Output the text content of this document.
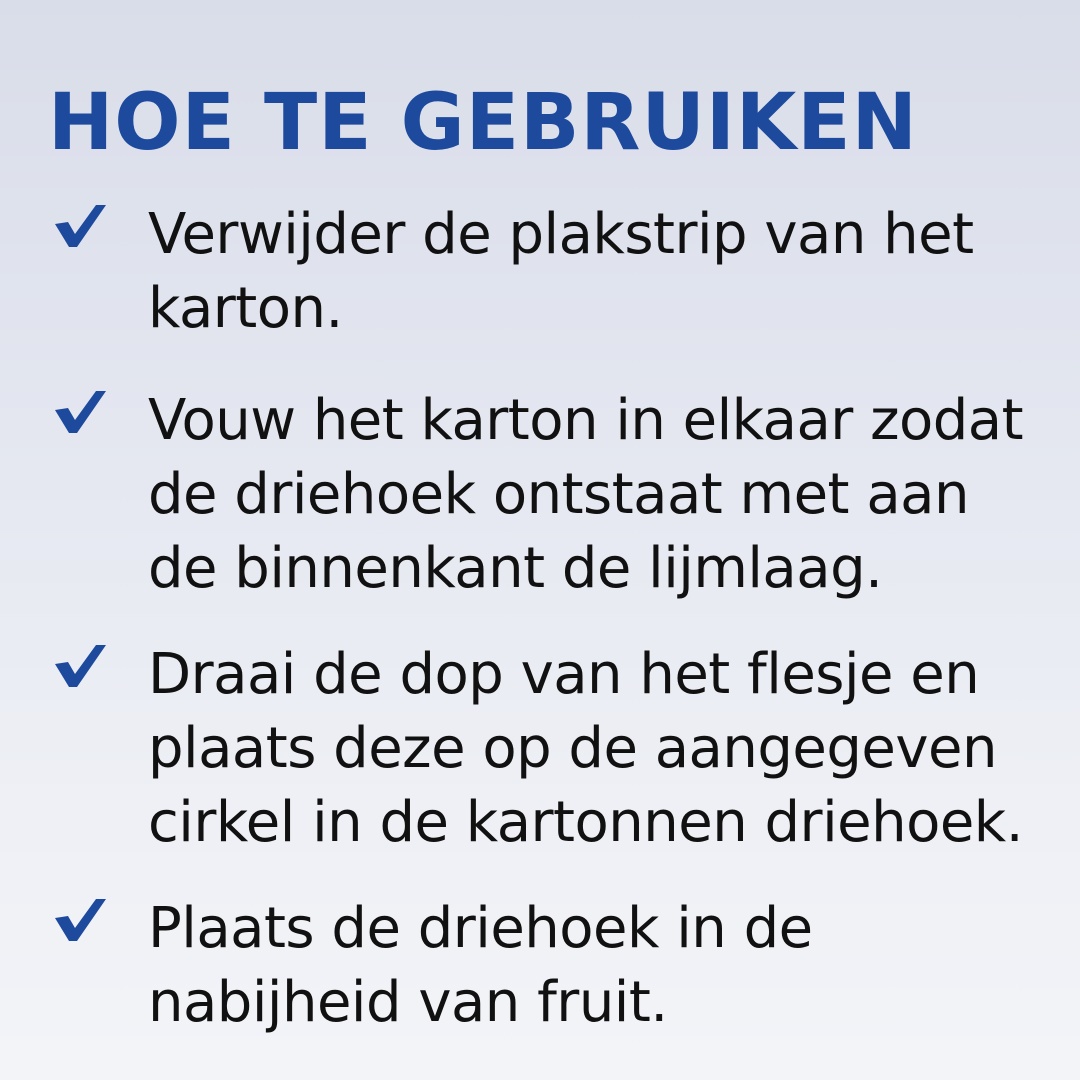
HOE TE GEBRUIKEN

Verwijder de plakstrip van het karton.

Vouw het karton in elkaar zodat de driehoek ontstaat met aan de binnenkant de lijmlaag.

Draai de dop van het flesje en plaats deze op de aangegeven cirkel in de kartonnen driehoek.

Plaats de driehoek in de nabijheid van fruit.
